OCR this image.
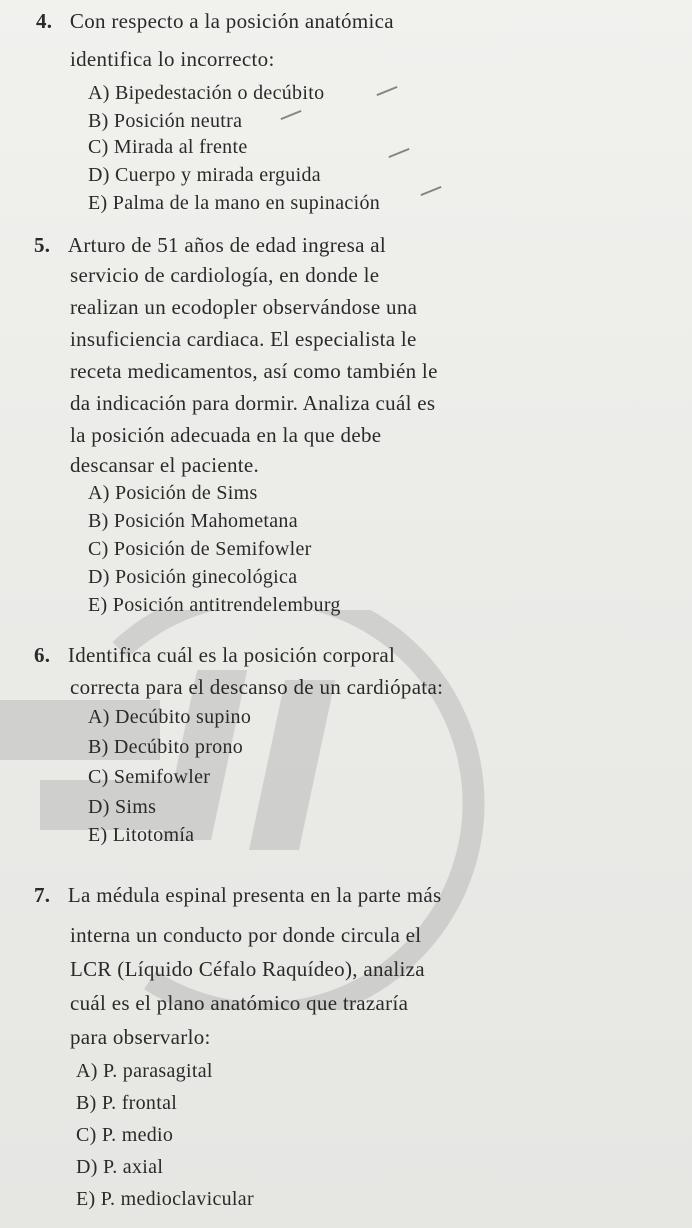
4. Con respecto a la posición anatómica
identifica lo incorrecto:
A) Bipedestación o decúbito
B) Posición neutra
C) Mirada al frente
D) Cuerpo y mirada erguida
E) Palma de la mano en supinación
5. Arturo de 51 años de edad ingresa al
servicio de cardiología, en donde le
realizan un ecodopler observándose una
insuficiencia cardiaca. El especialista le
receta medicamentos, así como también le
da indicación para dormir. Analiza cuál es
la posición adecuada en la que debe
descansar el paciente.
A) Posición de Sims
B) Posición Mahometana
C) Posición de Semifowler
D) Posición ginecológica
E) Posición antitrendelemburg
6. Identifica cuál es la posición corporal
correcta para el descanso de un cardiópata:
A) Decúbito supino
B) Decúbito prono
C) Semifowler
D) Sims
E) Litotomía
7. La médula espinal presenta en la parte más
interna un conducto por donde circula el
LCR (Líquido Céfalo Raquídeo), analiza
cuál es el plano anatómico que trazaría
para observarlo:
A) P. parasagital
B) P. frontal
C) P. medio
D) P. axial
E) P. medioclavicular
